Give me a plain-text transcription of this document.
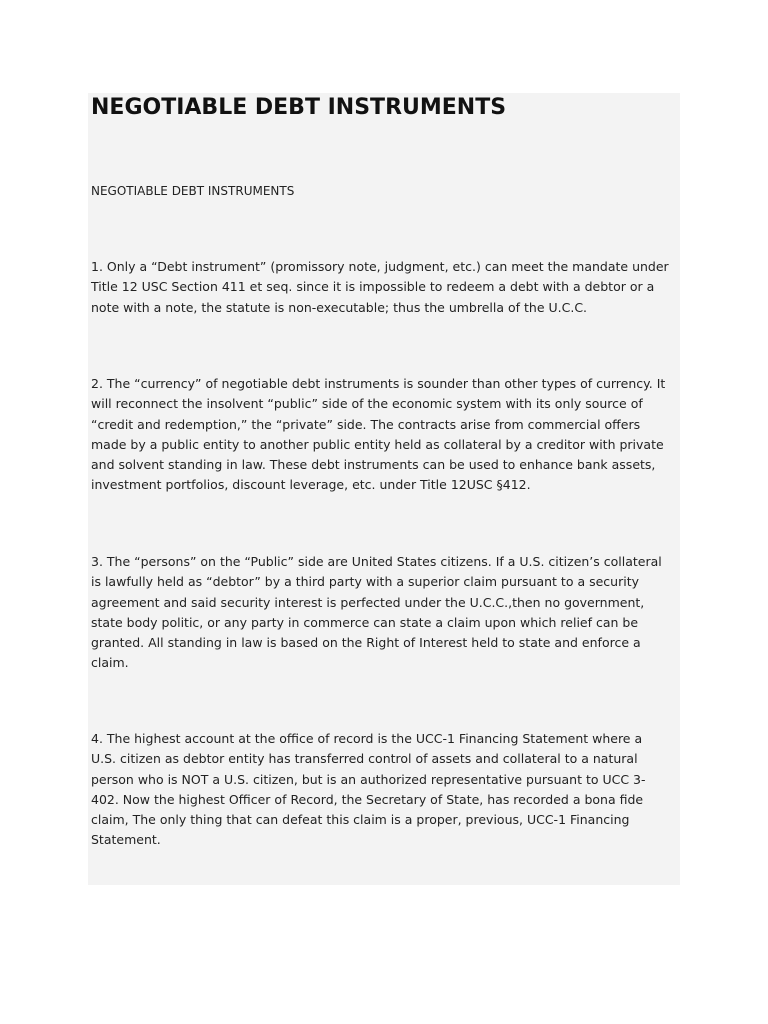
NEGOTIABLE DEBT INSTRUMENTS

NEGOTIABLE DEBT INSTRUMENTS

1. Only a “Debt instrument” (promissory note, judgment, etc.) can meet the mandate under
Title 12 USC Section 411 et seq. since it is impossible to redeem a debt with a debtor or a
note with a note, the statute is non-executable; thus the umbrella of the U.C.C.

2. The “currency” of negotiable debt instruments is sounder than other types of currency. It
will reconnect the insolvent “public” side of the economic system with its only source of
“credit and redemption,” the “private” side. The contracts arise from commercial offers
made by a public entity to another public entity held as collateral by a creditor with private
and solvent standing in law. These debt instruments can be used to enhance bank assets,
investment portfolios, discount leverage, etc. under Title 12USC §412.

3. The “persons” on the “Public” side are United States citizens. If a U.S. citizen’s collateral
is lawfully held as “debtor” by a third party with a superior claim pursuant to a security
agreement and said security interest is perfected under the U.C.C.,then no government,
state body politic, or any party in commerce can state a claim upon which relief can be
granted. All standing in law is based on the Right of Interest held to state and enforce a
claim.

4. The highest account at the office of record is the UCC-1 Financing Statement where a
U.S. citizen as debtor entity has transferred control of assets and collateral to a natural
person who is NOT a U.S. citizen, but is an authorized representative pursuant to UCC 3-
402. Now the highest Officer of Record, the Secretary of State, has recorded a bona fide
claim, The only thing that can defeat this claim is a proper, previous, UCC-1 Financing
Statement.
